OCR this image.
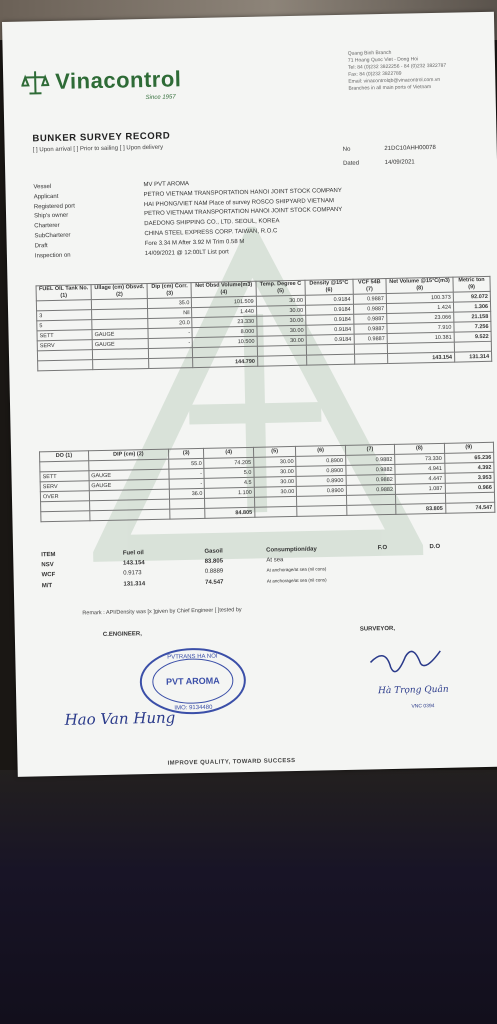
Vinacontrol
Since 1957
Quang Binh Branch
71 Hoang Quoc Viet - Dong Hoi
Tel: 84 (0)232 3822256 - 84 (0)232 3822787
Fax: 84 (0)232 3822789
Email: vinacontrolqb@vinacontrol.com.vn
Branches in all main ports of Vietnam
BUNKER SURVEY RECORD
[ ] Upon arrival [ ] Prior to sailing [ ] Upon delivery	No	21DC10AHH00078
Dated	14/09/2021
Vessel	MV PVT AROMA
Applicant	PETRO VIETNAM TRANSPORTATION HANOI JOINT STOCK COMPANY
Registered port	HAI PHONG/VIET NAM Place of survey ROSCO SHIPYARD VIETNAM
Ship's owner	PETRO VIETNAM TRANSPORTATION HANOI JOINT STOCK COMPANY
Charterer	DAEDONG SHIPPING CO., LTD. SEOUL, KOREA
SubCharterer	CHINA STEEL EXPRESS CORP. TAIWAN, R.O.C
Draft	Fore 3.34 M After 3.92 M Trim 0.58 M
Inspection on	14/09/2021 @ 12:00LT List port
FUEL OIL Tank No. (1)	Ullage (cm) Obsvd. (2)	Dip (cm) Corr. (3)	Net Obsd Volume(m3) (4)	Temp. Degree C (5)	Density @15°C (6)	VCF 54B (7)	Net Volume @15°C(m3) (8)	Metric ton (9)
		35.0	101.509	30.00	0.9184	0.9887	100.373	92.072
3		Nil	1.440	30.00	0.9184	0.9887	1.424	1.306
5		20.0	23.330	30.00	0.9184	0.9887	23.066	21.158
SETT	GAUGE	-	8.000	30.00	0.9184	0.9887	7.910	7.256
SERV	GAUGE	-	10.500	30.00	0.9184	0.9887	10.381	9.522

			144.790				143.154	131.314
DO (1)	DIP (cm) (2)	(3)	(4)	(5)	(6)	(7)	(8)	(9)
		55.0	74.205	30.00	0.8900	0.9882	73.330	65.236
SETT	GAUGE	-	5.0	30.00	0.8900	0.9882	4.941	4.392
SERV	GAUGE	-	4.5	30.00	0.8900	0.9882	4.447	3.953
OVER		36.0	1.100	30.00	0.8900	0.9882	1.087	0.966

			84.805				83.805	74.547
ITEM	Fuel oil	Gasoil	Consumption/day	F.O	D.O
NSV	143.154	83.805	At sea
WCF	0.9173	0.8889	At anchorage/at sea (nil cons)
M/T	131.314	74.547	At anchorage/at sea (nil cons)
Remark : API/Density was [x ]given by Chief Engineer [ ]tested by
C.ENGINEER,
SURVEYOR,
PVTRANS HA NOI
PVT AROMA
IMO: 9134480
Hao Van Hung
Hà Trọng Quân
VNC 0394
IMPROVE QUALITY, TOWARD SUCCESS
